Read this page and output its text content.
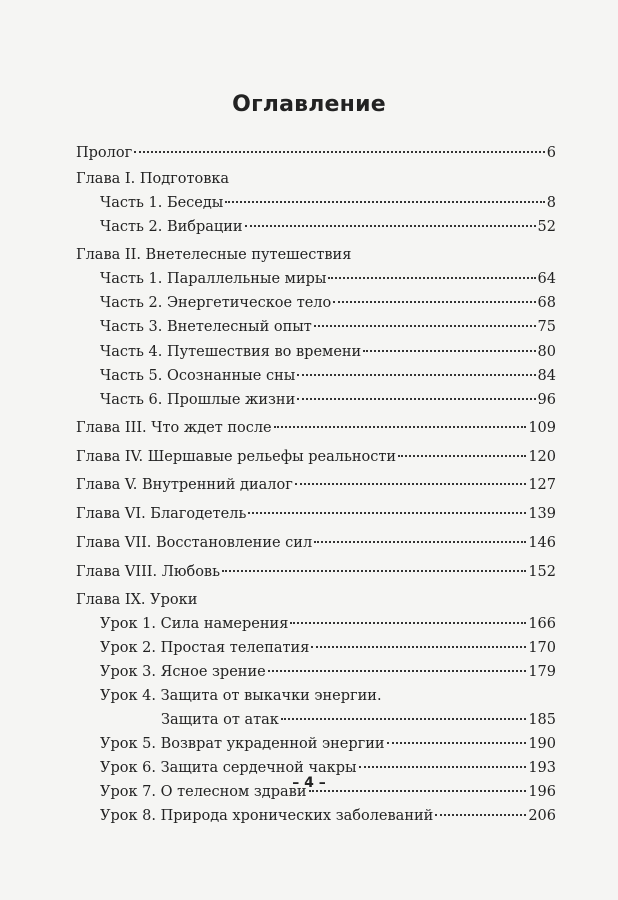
Оглавление
Пролог	6
Глава I. Подготовка
Часть 1. Беседы	8
Часть 2. Вибрации	52
Глава II. Внетелесные путешествия
Часть 1. Параллельные миры	64
Часть 2. Энергетическое тело	68
Часть 3. Внетелесный опыт	75
Часть 4. Путешествия во времени	80
Часть 5. Осознанные сны	84
Часть 6. Прошлые жизни	96
Глава III. Что ждет после	109
Глава IV. Шершавые рельефы реальности	120
Глава V. Внутренний диалог	127
Глава VI. Благодетель	139
Глава VII. Восстановление сил	146
Глава VIII. Любовь	152
Глава IX. Уроки
Урок 1. Сила намерения	166
Урок 2. Простая телепатия	170
Урок 3. Ясное зрение	179
Урок 4. Защита от выкачки энергии.
Защита от атак	185
Урок 5. Возврат украденной энергии	190
Урок 6. Защита сердечной чакры	193
Урок 7. О телесном здрави	196
Урок 8. Природа хронических заболеваний	206
– 4 –
